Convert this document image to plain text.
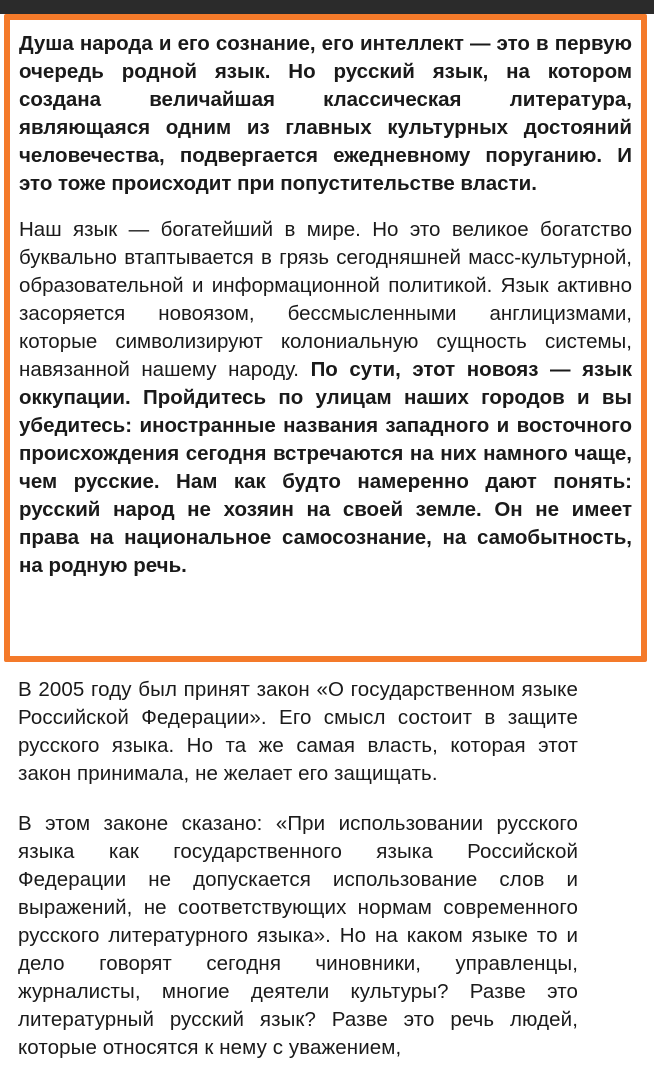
Душа народа и его сознание, его интеллект — это в первую очередь родной язык. Но русский язык, на котором создана величайшая классическая литература, являющаяся одним из главных культурных достояний человечества, подвергается ежедневному поруганию. И это тоже происходит при попустительстве власти.

Наш язык — богатейший в мире. Но это великое богатство буквально втаптывается в грязь сегодняшней масс-культурной, образовательной и информационной политикой. Язык активно засоряется новоязом, бессмысленными англицизмами, которые символизируют колониальную сущность системы, навязанной нашему народу. По сути, этот новояз — язык оккупации. Пройдитесь по улицам наших городов и вы убедитесь: иностранные названия западного и восточного происхождения сегодня встречаются на них намного чаще, чем русские. Нам как будто намеренно дают понять: русский народ не хозяин на своей земле. Он не имеет права на национальное самосознание, на самобытность, на родную речь.

В 2005 году был принят закон «О государственном языке Российской Федерации». Его смысл состоит в защите русского языка. Но та же самая власть, которая этот закон принимала, не желает его защищать.

В этом законе сказано: «При использовании русского языка как государственного языка Российской Федерации не допускается использование слов и выражений, не соответствующих нормам современного русского литературного языка». Но на каком языке то и дело говорят сегодня чиновники, управленцы, журналисты, многие деятели культуры? Разве это литературный русский язык? Разве это речь людей, которые относятся к нему с уважением,
